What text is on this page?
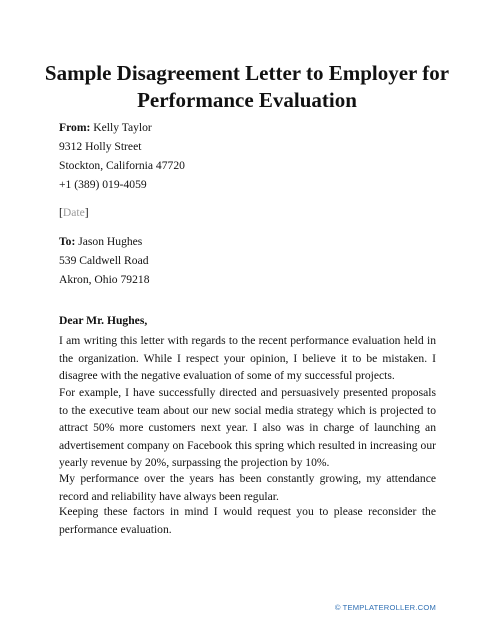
Sample Disagreement Letter to Employer for
Performance Evaluation
From: Kelly Taylor
9312 Holly Street
Stockton, California 47720
+1 (389) 019-4059
[Date]
To: Jason Hughes
539 Caldwell Road
Akron, Ohio 79218
Dear Mr. Hughes,
I am writing this letter with regards to the recent performance evaluation held in the organization. While I respect your opinion, I believe it to be mistaken. I disagree with the negative evaluation of some of my successful projects.
For example, I have successfully directed and persuasively presented proposals to the executive team about our new social media strategy which is projected to attract 50% more customers next year. I also was in charge of launching an advertisement company on Facebook this spring which resulted in increasing our yearly revenue by 20%, surpassing the projection by 10%.
My performance over the years has been constantly growing, my attendance record and reliability have always been regular.
Keeping these factors in mind I would request you to please reconsider the performance evaluation.
© TEMPLATEROLLER.COM
